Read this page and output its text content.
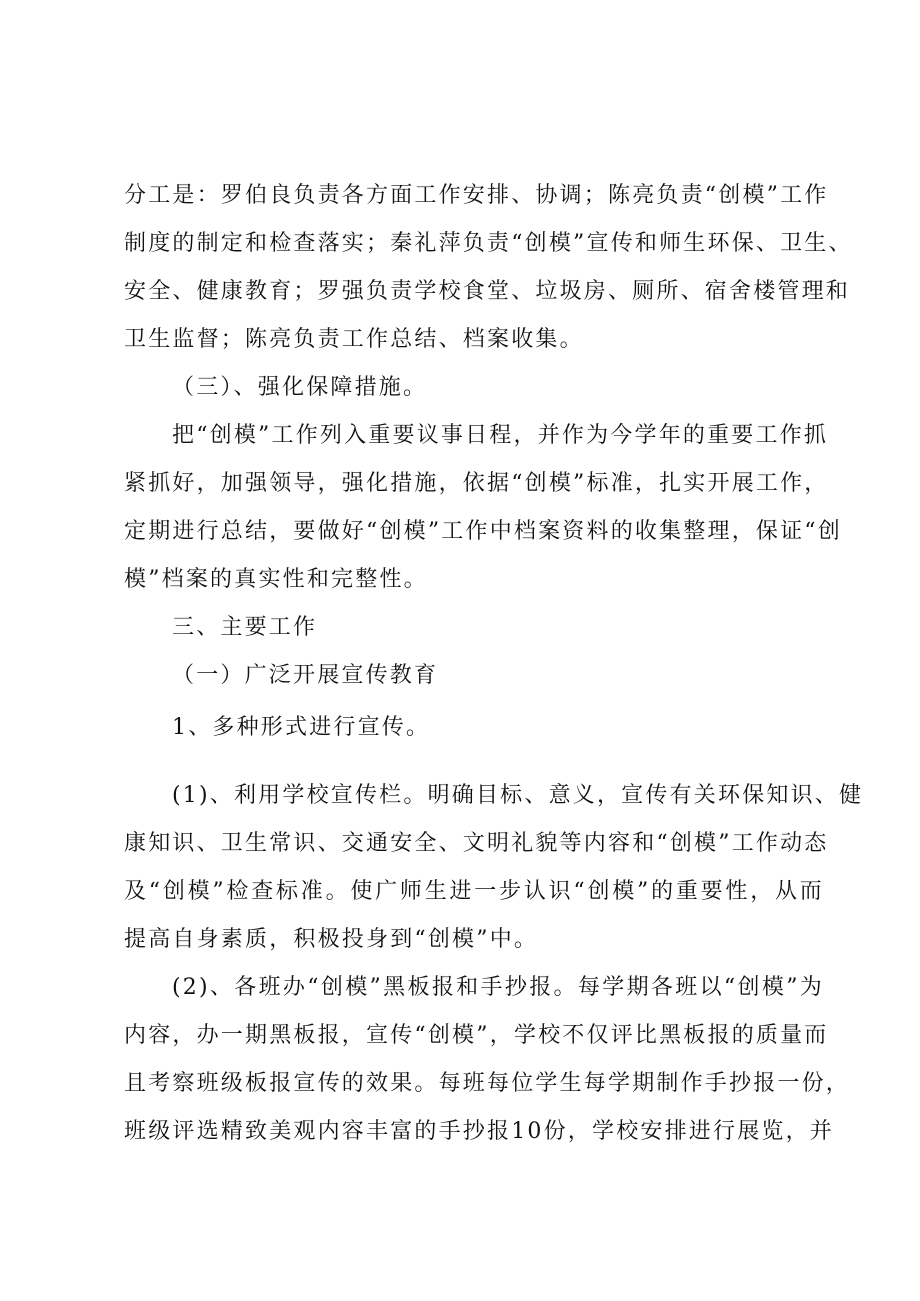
分工是：罗伯良负责各方面工作安排、协调；陈亮负责“创模”工作
制度的制定和检查落实；秦礼萍负责“创模”宣传和师生环保、卫生、
安全、健康教育；罗强负责学校食堂、垃圾房、厕所、宿舍楼管理和
卫生监督；陈亮负责工作总结、档案收集。
（三）、强化保障措施。
把“创模”工作列入重要议事日程，并作为今学年的重要工作抓
紧抓好，加强领导，强化措施，依据“创模”标准，扎实开展工作，
定期进行总结，要做好“创模”工作中档案资料的收集整理，保证“创
模”档案的真实性和完整性。
三、主要工作
（一）广泛开展宣传教育
1、多种形式进行宣传。
(1)、利用学校宣传栏。明确目标、意义，宣传有关环保知识、健
康知识、卫生常识、交通安全、文明礼貌等内容和“创模”工作动态
及“创模”检查标准。使广师生进一步认识“创模”的重要性，从而
提高自身素质，积极投身到“创模”中。
(2)、各班办“创模”黑板报和手抄报。每学期各班以“创模”为
内容，办一期黑板报，宣传“创模”，学校不仅评比黑板报的质量而
且考察班级板报宣传的效果。每班每位学生每学期制作手抄报一份，
班级评选精致美观内容丰富的手抄报10份，学校安排进行展览，并
